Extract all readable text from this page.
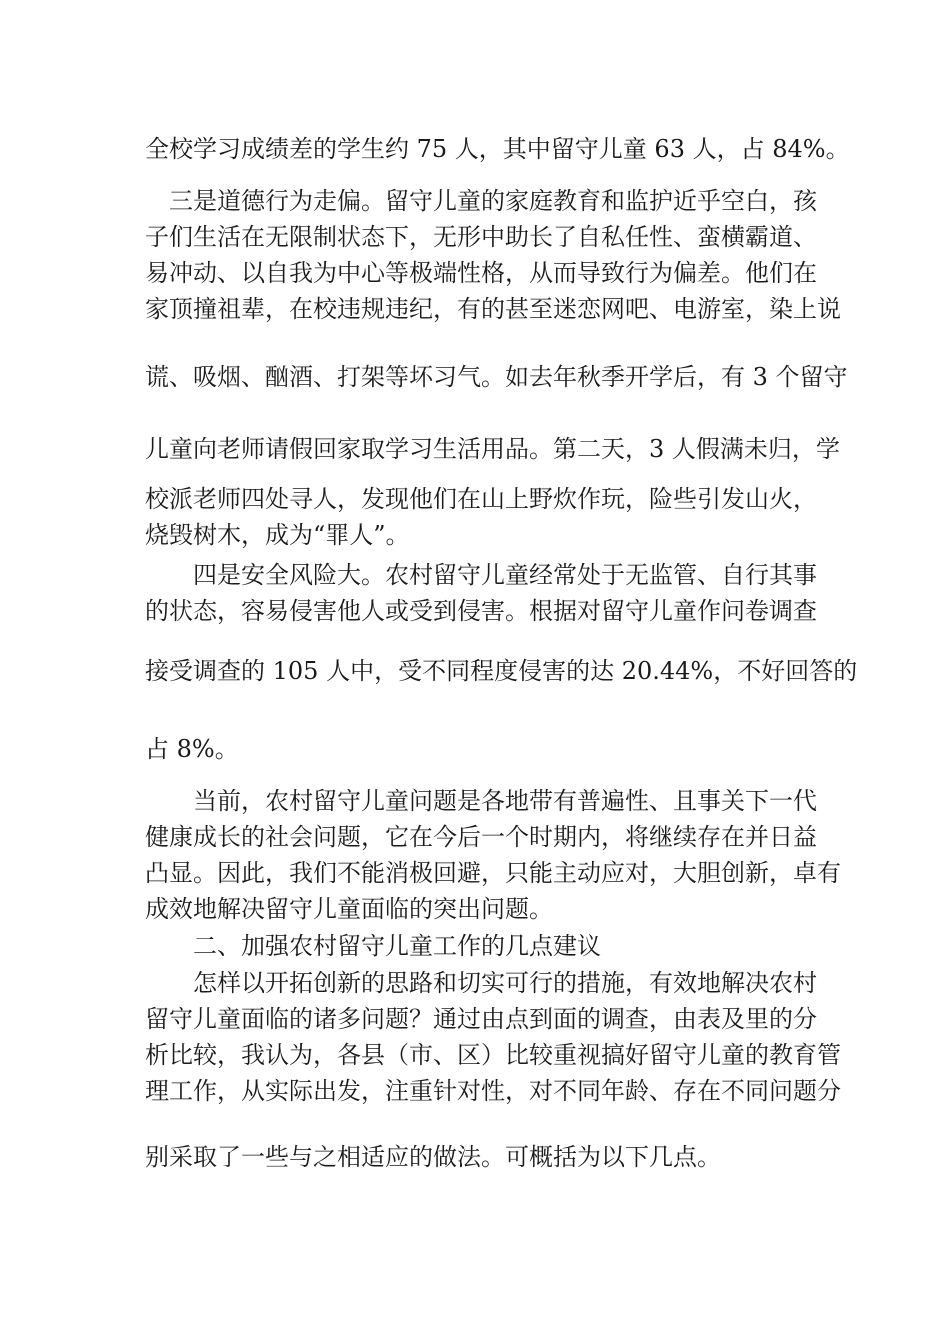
全校学习成绩差的学生约 75 人，其中留守儿童 63 人，占 84%。

三是道德行为走偏。留守儿童的家庭教育和监护近乎空白，孩

子们生活在无限制状态下，无形中助长了自私任性、蛮横霸道、

易冲动、以自我为中心等极端性格，从而导致行为偏差。他们在

家顶撞祖辈，在校违规违纪，有的甚至迷恋网吧、电游室，染上说

谎、吸烟、酗酒、打架等坏习气。如去年秋季开学后，有 3 个留守

儿童向老师请假回家取学习生活用品。第二天，3 人假满未归，学

校派老师四处寻人，发现他们在山上野炊作玩，险些引发山火，

烧毁树木，成为“罪人”。

四是安全风险大。农村留守儿童经常处于无监管、自行其事

的状态，容易侵害他人或受到侵害。根据对留守儿童作问卷调查

接受调查的 105 人中，受不同程度侵害的达 20.44%，不好回答的

占 8%。

当前，农村留守儿童问题是各地带有普遍性、且事关下一代

健康成长的社会问题，它在今后一个时期内，将继续存在并日益

凸显。因此，我们不能消极回避，只能主动应对，大胆创新，卓有

成效地解决留守儿童面临的突出问题。

二、加强农村留守儿童工作的几点建议

怎样以开拓创新的思路和切实可行的措施，有效地解决农村

留守儿童面临的诸多问题？通过由点到面的调查，由表及里的分

析比较，我认为，各县（市、区）比较重视搞好留守儿童的教育管

理工作，从实际出发，注重针对性，对不同年龄、存在不同问题分

别采取了一些与之相适应的做法。可概括为以下几点。
